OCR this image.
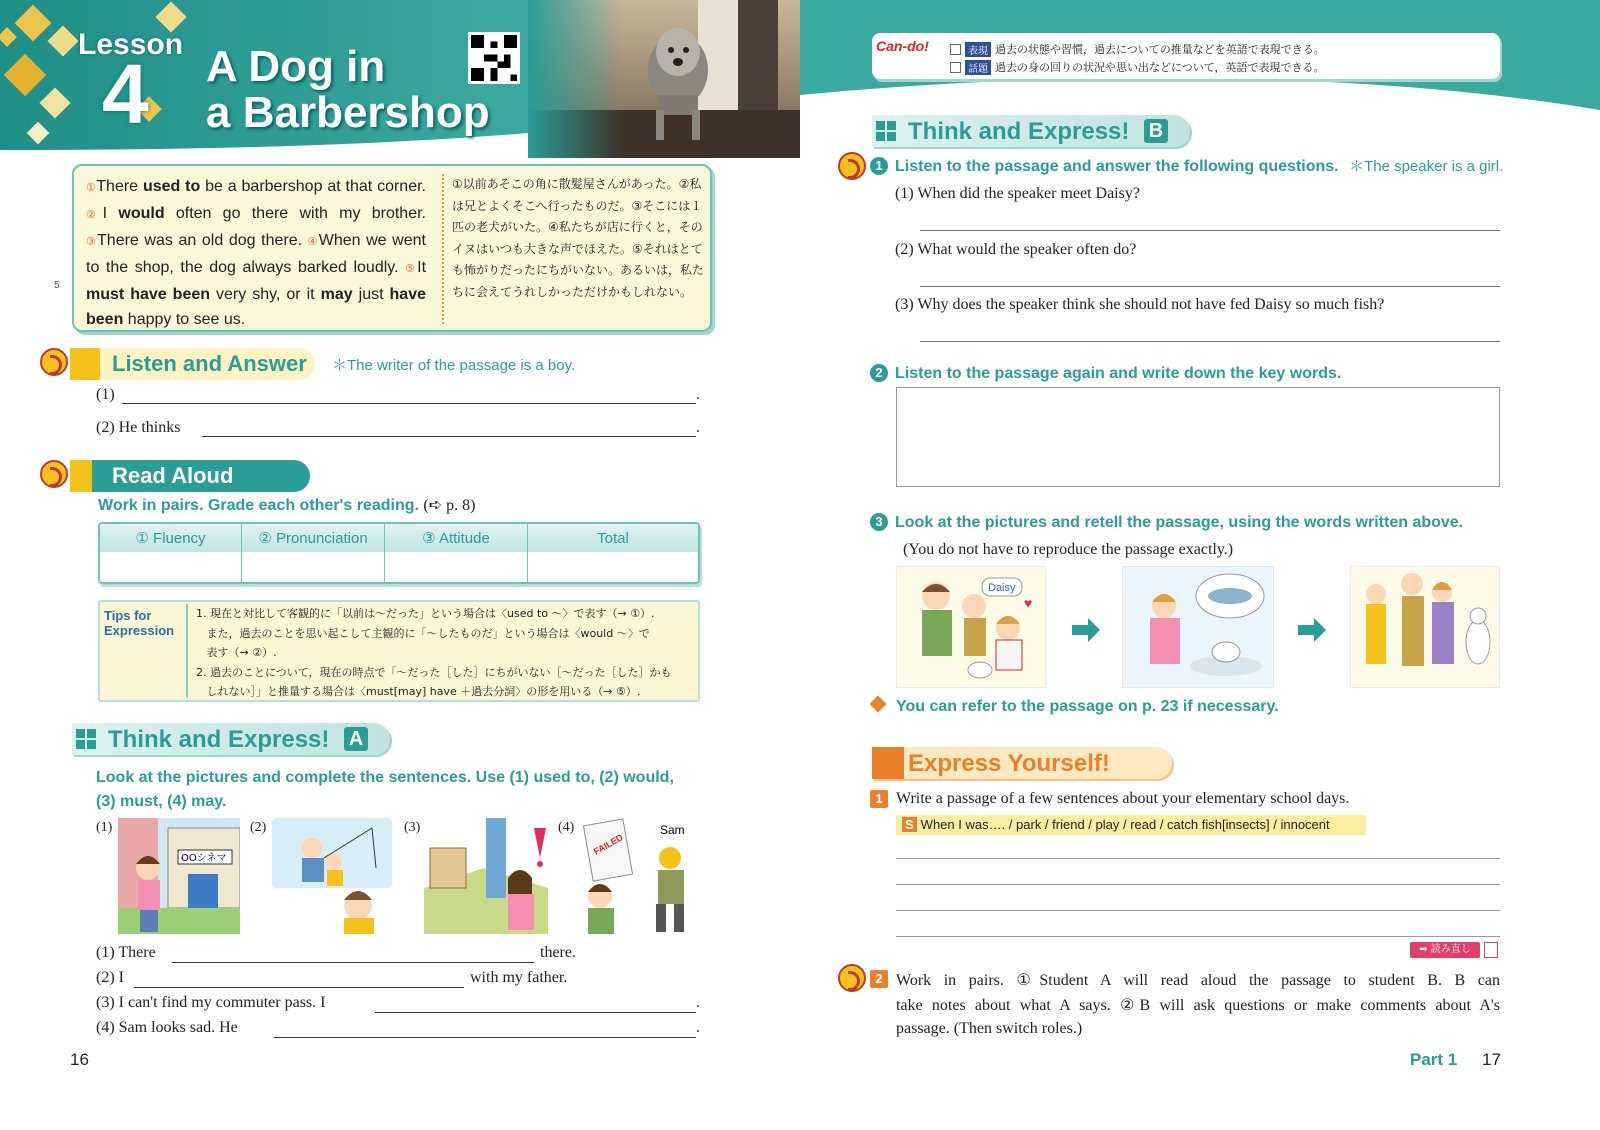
Lesson
4 A Dog in
a Barbershop
①There used to be a barbershop at that corner. ②I would often go there with my brother. ③There was an old dog there. ④When we went to the shop, the dog always barked loudly. ⑤It must have been very shy, or it may just have been happy to see us.
①以前あそこの角に散髪屋さんがあった。②私は兄とよくそこへ行ったものだ。③そこには１匹の老犬がいた。④私たちが店に行くと，そのイヌはいつも大きな声でほえた。⑤それはとても怖がりだったにちがいない。あるいは，私たちに会えてうれしかっただけかもしれない。
5
Listen and Answer ＊The writer of the passage is a boy.
(1)	.
(2) He thinks	.
Read Aloud
Work in pairs. Grade each other's reading. (➪ p. 8)
① Fluency	② Pronunciation	③ Attitude	Total
Tips for
Expression
1. 現在と対比して客観的に「以前は〜だった」という場合は〈used to 〜〉で表す（→ ①）.
また，過去のことを思い起こして主観的に「〜したものだ」という場合は〈would 〜〉で
表す（→ ②）.
2. 過去のことについて，現在の時点で「〜だった［した］にちがいない［〜だった［した］かも
しれない］」と推量する場合は〈must[may] have ＋過去分詞〉の形を用いる（→ ⑤）.
Think and Express! A
Look at the pictures and complete the sentences. Use (1) used to, (2) would,
(3) must, (4) may.
(1)
OOシネマ
(2)	(3)	(4)	Sam
FAILED
(1) There	there.
(2) I	with my father.
(3) I can't find my commuter pass. I	.
(4) Sam looks sad. He	.
16
Can-do!	表現 過去の状態や習慣，過去についての推量などを英語で表現できる。
話題 過去の身の回りの状況や思い出などについて，英語で表現できる。
Think and Express! B
1 Listen to the passage and answer the following questions. ＊The speaker is a girl.
(1) When did the speaker meet Daisy?
(2) What would the speaker often do?
(3) Why does the speaker think she should not have fed Daisy so much fish?
2 Listen to the passage again and write down the key words.
3 Look at the pictures and retell the passage, using the words written above.
(You do not have to reproduce the passage exactly.)
Daisy
♥
You can refer to the passage on p. 23 if necessary.
Express Yourself!
1 Write a passage of a few sentences about your elementary school days.
S When I was…. / park / friend / play / read / catch fish[insects] / innocent
➡ 読み直し
2 Work in pairs. ①Student A will read aloud the passage to student B. B can
take notes about what A says. ②B will ask questions or make comments about A's
passage. (Then switch roles.)
Part 1 17
